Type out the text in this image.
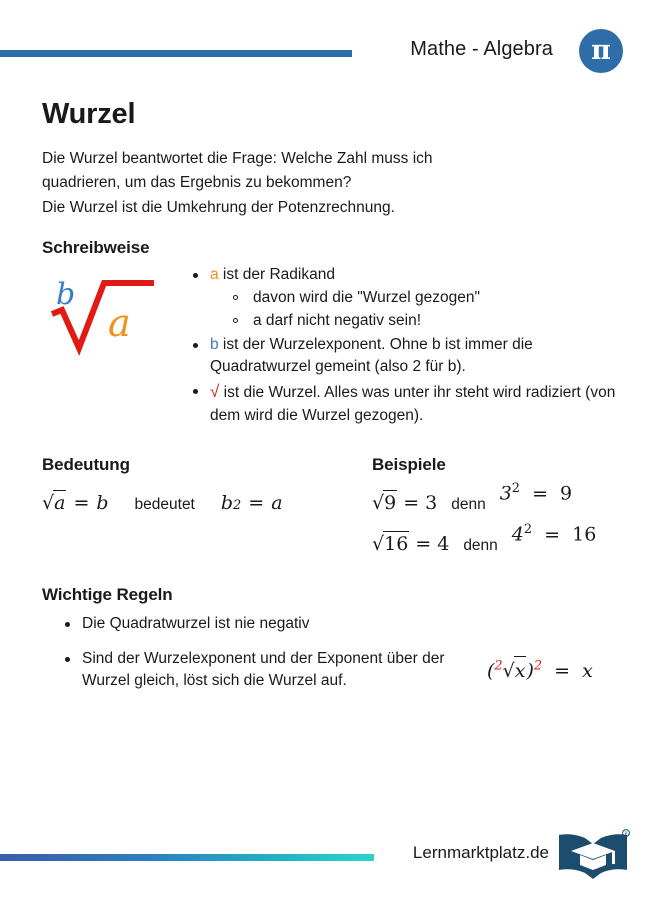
Mathe - Algebra π
Wurzel
Die Wurzel beantwortet die Frage: Welche Zahl muss ich
quadrieren, um das Ergebnis zu bekommen?
Die Wurzel ist die Umkehrung der Potenzrechnung.
Schreibweise
b
a
a ist der Radikand
davon wird die "Wurzel gezogen"
a darf nicht negativ sein!
b ist der Wurzelexponent. Ohne b ist immer die Quadratwurzel gemeint (also 2 für b).
√ ist die Wurzel. Alles was unter ihr steht wird radiziert (von dem wird die Wurzel gezogen).
Bedeutung
√a = b bedeutet b 2 = a
Beispiele
√9 = 3 denn $3^2 = 9$
√16 = 4 denn $4^2 = 16$
Wichtige Regeln
Die Quadratwurzel ist nie negativ
Sind der Wurzelexponent und der Exponent über der Wurzel gleich, löst sich die Wurzel auf.	$(^2√x)^2 = x$
Lernmarktplatz.de
R
